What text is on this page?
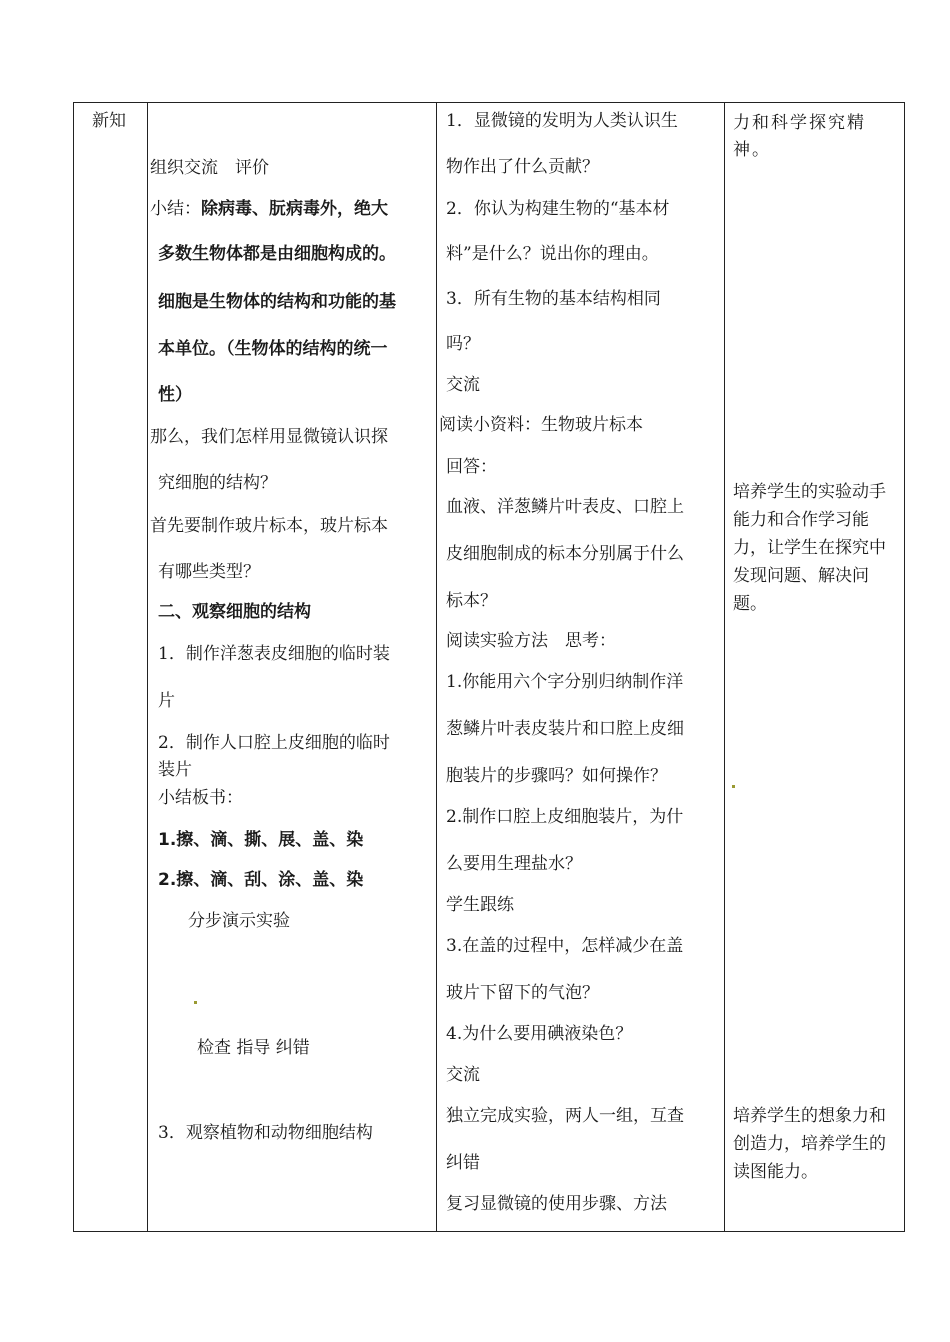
新知
组织交流　评价
小结：除病毒、朊病毒外，绝大
多数生物体都是由细胞构成的。
细胞是生物体的结构和功能的基
本单位。（生物体的结构的统一
性）
那么，我们怎样用显微镜认识探
究细胞的结构？
首先要制作玻片标本，玻片标本
有哪些类型？
二、观察细胞的结构
1．制作洋葱表皮细胞的临时装
片
2．制作人口腔上皮细胞的临时
装片
小结板书：
1.擦、滴、撕、展、盖、染
2.擦、滴、刮、涂、盖、染
分步演示实验
检查 指导 纠错
3．观察植物和动物细胞结构
1．显微镜的发明为人类认识生
物作出了什么贡献？
2．你认为构建生物的“基本材
料”是什么？说出你的理由。
3．所有生物的基本结构相同
吗？
交流
阅读小资料：生物玻片标本
回答：
血液、洋葱鳞片叶表皮、口腔上
皮细胞制成的标本分别属于什么
标本？
阅读实验方法　思考：
1.你能用六个字分别归纳制作洋
葱鳞片叶表皮装片和口腔上皮细
胞装片的步骤吗？如何操作？
2.制作口腔上皮细胞装片，为什
么要用生理盐水？
学生跟练
3.在盖的过程中，怎样减少在盖
玻片下留下的气泡？
4.为什么要用碘液染色？
交流
独立完成实验，两人一组，互查
纠错
复习显微镜的使用步骤、方法
力和科学探究精神。
培养学生的实验动手能力和合作学习能力，让学生在探究中发现问题、解决问题。
培养学生的想象力和创造力，培养学生的读图能力。
